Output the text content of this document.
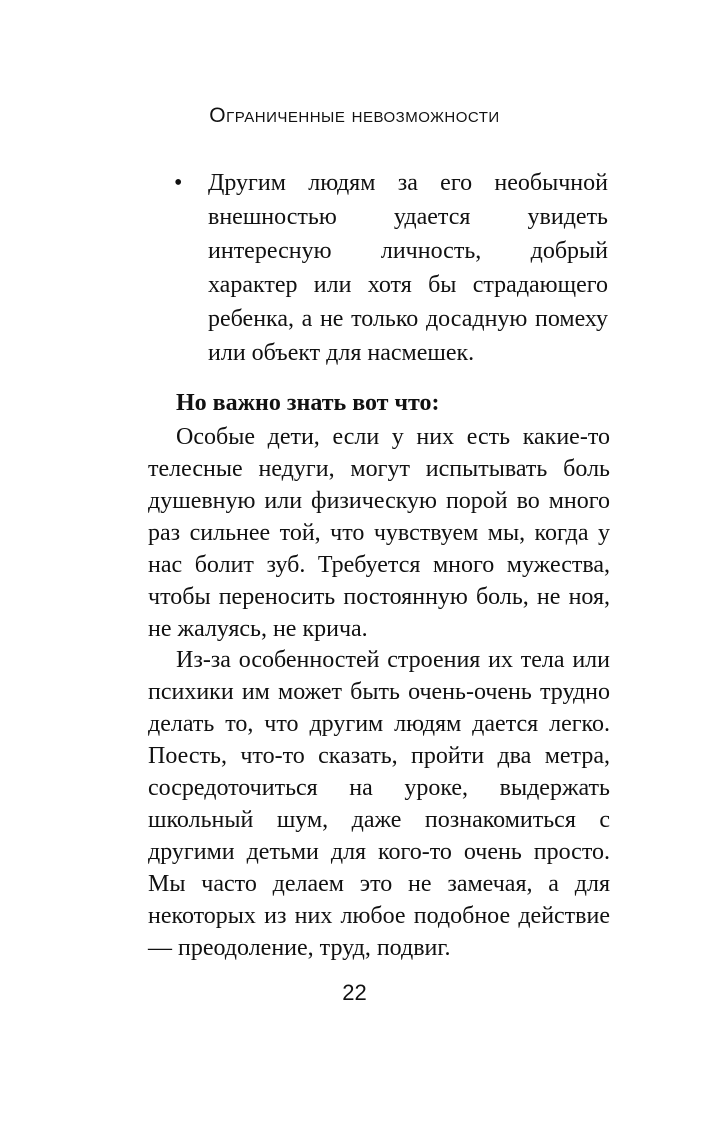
Ограниченные невозможности
• Другим людям за его необычной внешностью удается увидеть интересную личность, добрый характер или хотя бы страдающего ребенка, а не только досадную помеху или объект для насмешек.
Но важно знать вот что:
Особые дети, если у них есть какие-то телесные недуги, могут испытывать боль душевную или физическую порой во много раз сильнее той, что чувствуем мы, когда у нас болит зуб. Требуется много мужества, чтобы переносить постоянную боль, не ноя, не жалуясь, не крича.
Из-за особенностей строения их тела или психики им может быть очень-очень трудно делать то, что другим людям дается легко. Поесть, что-то сказать, пройти два метра, сосредоточиться на уроке, выдержать школьный шум, даже познакомиться с другими детьми для кого-то очень просто. Мы часто делаем это не замечая, а для некоторых из них любое подобное действие — преодоление, труд, подвиг.
22
